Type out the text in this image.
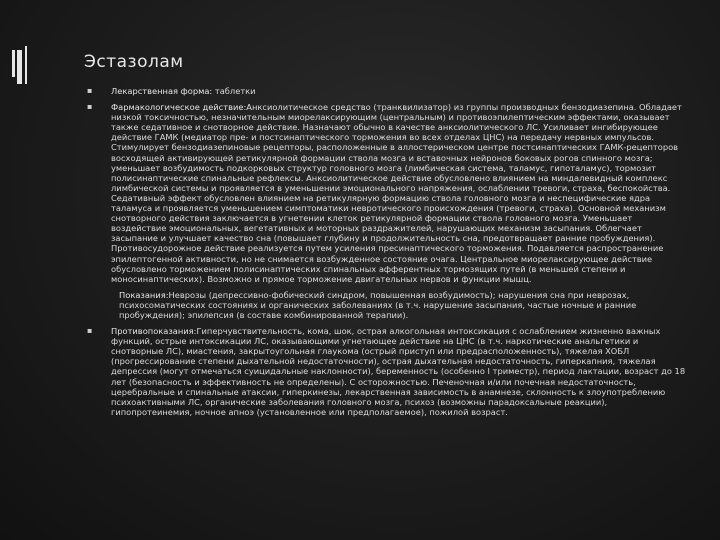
Эстазолам
▪ Лекарственная форма: таблетки
▪ Фармакологическое действие:Анксиолитическое средство (транквилизатор) из группы производных бензодиазепина. Обладает низкой токсичностью, незначительным миорелаксирующим (центральным) и противоэпилептическим эффектами, оказывает также седативное и снотворное действие. Назначают обычно в качестве анксиолитического ЛС. Усиливает ингибирующее действие ГАМК (медиатор пре- и постсинаптического торможения во всех отделах ЦНС) на передачу нервных импульсов. Стимулирует бензодиазепиновые рецепторы, расположенные в аллостерическом центре постсинаптических ГАМК-рецепторов восходящей активирующей ретикулярной формации ствола мозга и вставочных нейронов боковых рогов спинного мозга; уменьшает возбудимость подкорковых структур головного мозга (лимбическая система, таламус, гипоталамус), тормозит полисинаптические спинальные рефлексы. Анксиолитическое действие обусловлено влиянием на миндалевидный комплекс лимбической системы и проявляется в уменьшении эмоционального напряжения, ослаблении тревоги, страха, беспокойства. Седативный эффект обусловлен влиянием на ретикулярную формацию ствола головного мозга и неспецифические ядра таламуса и проявляется уменьшением симптоматики невротического происхождения (тревоги, страха). Основной механизм снотворного действия заключается в угнетении клеток ретикулярной формации ствола головного мозга. Уменьшает воздействие эмоциональных, вегетативных и моторных раздражителей, нарушающих механизм засыпания. Облегчает засыпание и улучшает качество сна (повышает глубину и продолжительность сна, предотвращает ранние пробуждения). Противосудорожное действие реализуется путем усиления пресинаптического торможения. Подавляется распространение эпилептогенной активности, но не снимается возбужденное состояние очага. Центральное миорелаксирующее действие обусловлено торможением полисинаптических спинальных афферентных тормозящих путей (в меньшей степени и моносинаптических). Возможно и прямое торможение двигательных нервов и функции мышц.
Показания:Неврозы (депрессивно-фобический синдром, повышенная возбудимость); нарушения сна при неврозах, психосоматических состояниях и органических заболеваниях (в т.ч. нарушение засыпания, частые ночные и ранние пробуждения); эпилепсия (в составе комбинированной терапии).
▪ Противопоказания:Гиперчувствительность, кома, шок, острая алкогольная интоксикация с ослаблением жизненно важных функций, острые интоксикации ЛС, оказывающими угнетающее действие на ЦНС (в т.ч. наркотические анальгетики и снотворные ЛС), миастения, закрытоугольная глаукома (острый приступ или предрасположенность), тяжелая ХОБЛ (прогрессирование степени дыхательной недостаточности), острая дыхательная недостаточность, гиперкапния, тяжелая депрессия (могут отмечаться суицидальные наклонности), беременность (особенно I триместр), период лактации, возраст до 18 лет (безопасность и эффективность не определены). С осторожностью. Печеночная и/или почечная недостаточность, церебральные и спинальные атаксии, гиперкинезы, лекарственная зависимость в анамнезе, склонность к злоупотреблению психоактивными ЛС, органические заболевания головного мозга, психоз (возможны парадоксальные реакции), гипопротеинемия, ночное апноэ (установленное или предполагаемое), пожилой возраст.
